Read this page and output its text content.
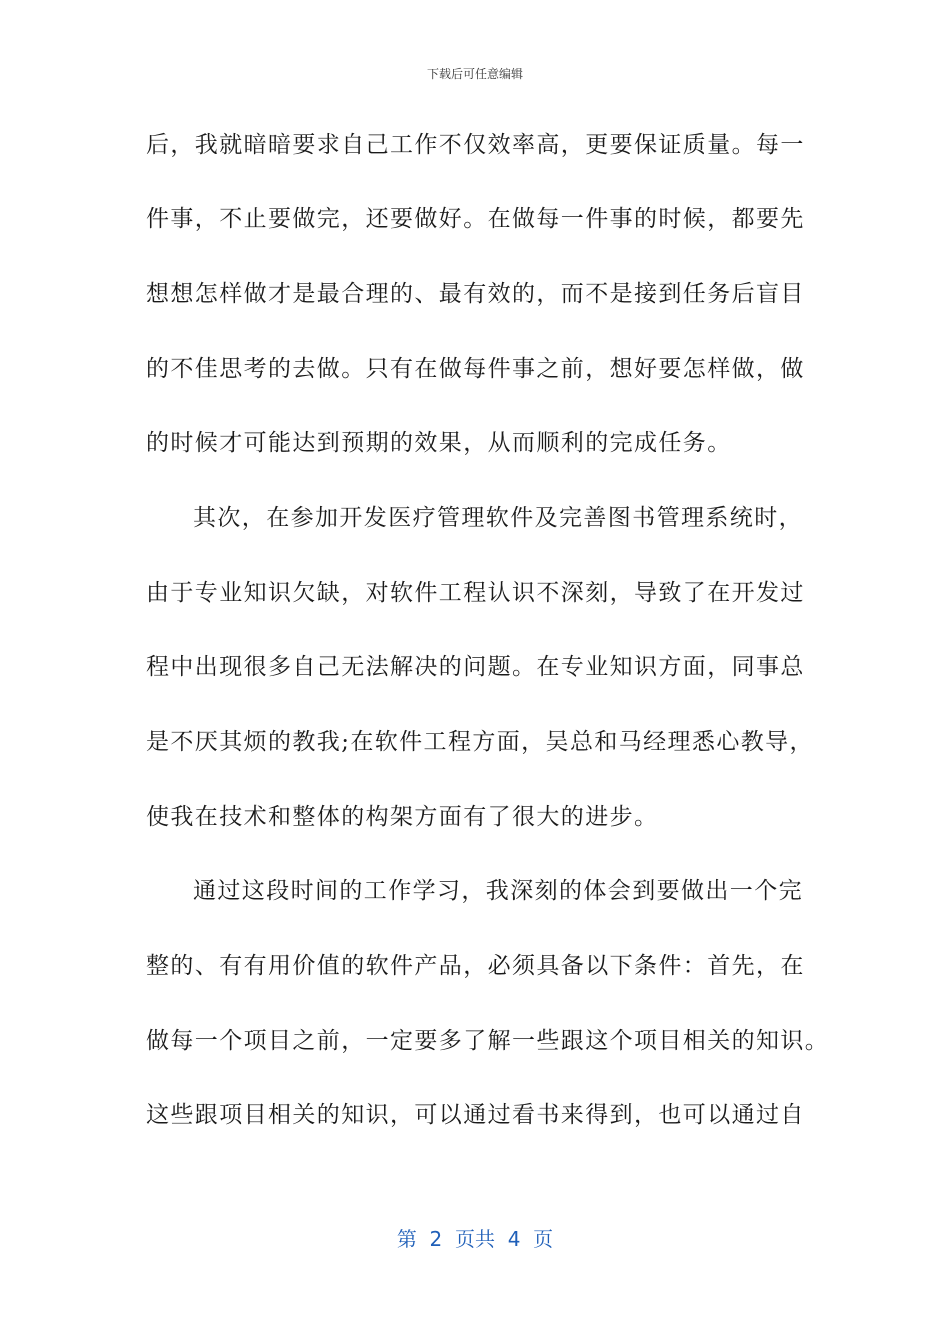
下载后可任意编辑

后，我就暗暗要求自己工作不仅效率高，更要保证质量。每一

件事，不止要做完，还要做好。在做每一件事的时候，都要先

想想怎样做才是最合理的、最有效的，而不是接到任务后盲目

的不佳思考的去做。只有在做每件事之前，想好要怎样做，做

的时候才可能达到预期的效果，从而顺利的完成任务。

其次，在参加开发医疗管理软件及完善图书管理系统时，

由于专业知识欠缺，对软件工程认识不深刻，导致了在开发过

程中出现很多自己无法解决的问题。在专业知识方面，同事总

是不厌其烦的教我;在软件工程方面，吴总和马经理悉心教导，

使我在技术和整体的构架方面有了很大的进步。

通过这段时间的工作学习，我深刻的体会到要做出一个完

整的、有有用价值的软件产品，必须具备以下条件：首先，在

做每一个项目之前，一定要多了解一些跟这个项目相关的知识。

这些跟项目相关的知识，可以通过看书来得到，也可以通过自

第  2  页共  4  页
